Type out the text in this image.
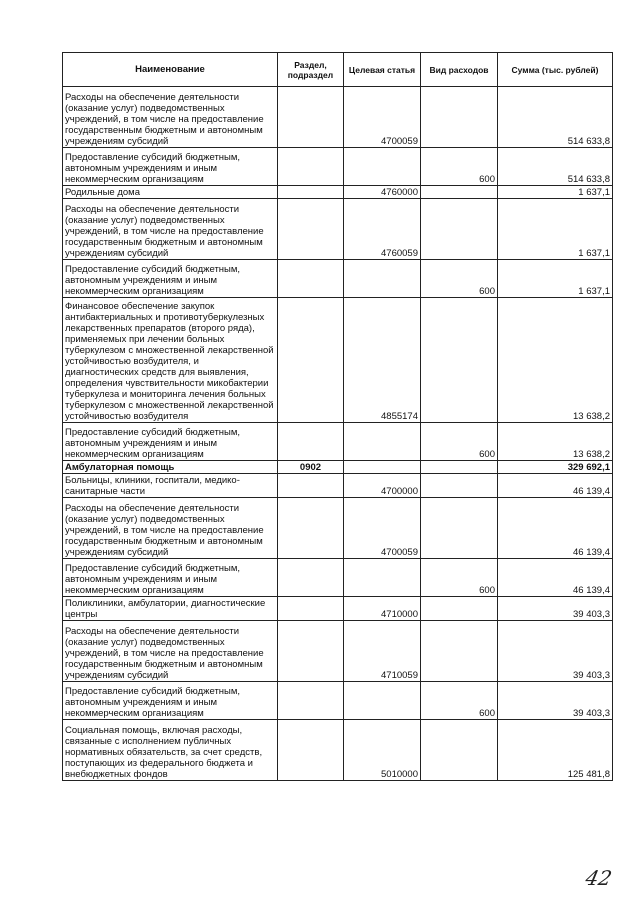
Наименование	Раздел, подраздел	Целевая статья	Вид расходов	Сумма (тыс. рублей)
Расходы на обеспечение деятельности (оказание услуг) подведомственных учреждений, в том числе на предоставление государственным бюджетным и автономным учреждениям субсидий		4700059		514 633,8
Предоставление субсидий бюджетным, автономным учреждениям и иным некоммерческим организациям			600	514 633,8
Родильные дома		4760000		1 637,1
Расходы на обеспечение деятельности (оказание услуг) подведомственных учреждений, в том числе на предоставление государственным бюджетным и автономным учреждениям субсидий		4760059		1 637,1
Предоставление субсидий бюджетным, автономным учреждениям и иным некоммерческим организациям			600	1 637,1
Финансовое обеспечение закупок антибактериальных и противотуберкулезных лекарственных препаратов (второго ряда), применяемых при лечении больных туберкулезом с множественной лекарственной устойчивостью возбудителя, и диагностических средств для выявления, определения чувствительности микобактерии туберкулеза и мониторинга лечения больных туберкулезом с множественной лекарственной устойчивостью возбудителя		4855174		13 638,2
Предоставление субсидий бюджетным, автономным учреждениям и иным некоммерческим организациям			600	13 638,2
Амбулаторная помощь	0902			329 692,1
Больницы, клиники, госпитали, медико-санитарные части		4700000		46 139,4
Расходы на обеспечение деятельности (оказание услуг) подведомственных учреждений, в том числе на предоставление государственным бюджетным и автономным учреждениям субсидий		4700059		46 139,4
Предоставление субсидий бюджетным, автономным учреждениям и иным некоммерческим организациям			600	46 139,4
Поликлиники, амбулатории, диагностические центры		4710000		39 403,3
Расходы на обеспечение деятельности (оказание услуг) подведомственных учреждений, в том числе на предоставление государственным бюджетным и автономным учреждениям субсидий		4710059		39 403,3
Предоставление субсидий бюджетным, автономным учреждениям и иным некоммерческим организациям			600	39 403,3
Социальная помощь, включая расходы, связанные с исполнением публичных нормативных обязательств, за счет средств, поступающих из федерального бюджета и внебюджетных фондов		5010000		125 481,8
42
